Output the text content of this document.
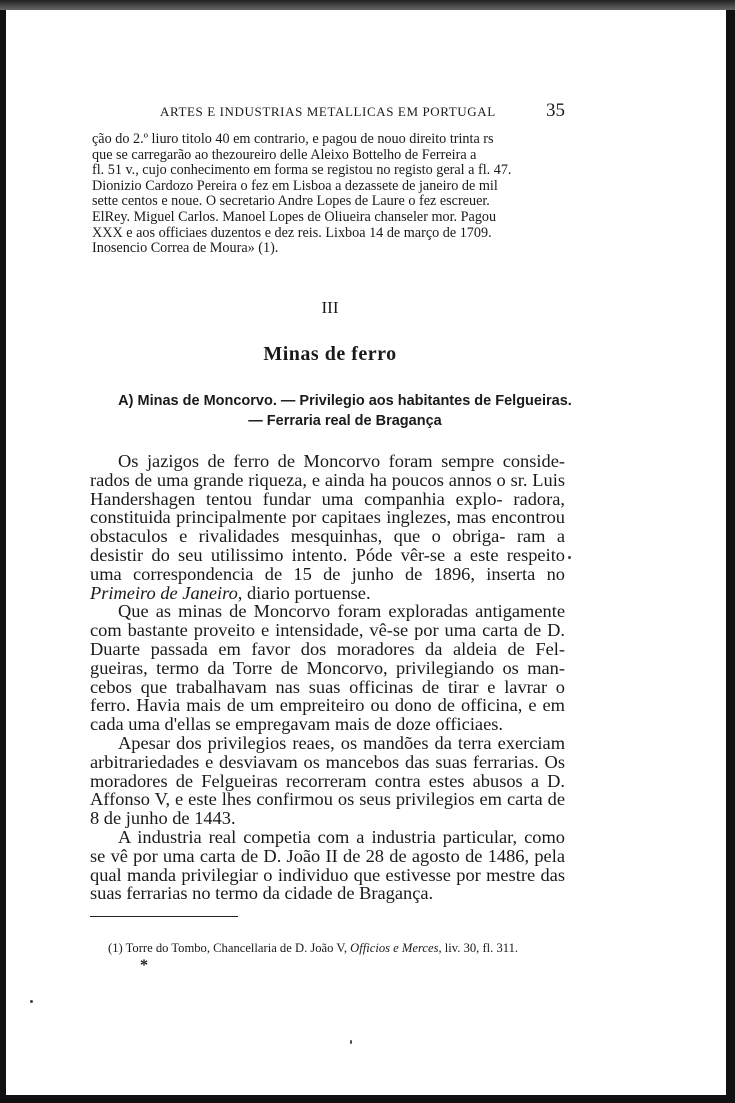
ARTES E INDUSTRIAS METALLICAS EM PORTUGAL	35

ção do 2.º liuro titolo 40 em contrario, e pagou de nouo direito trinta rs

que se carregarão ao thezoureiro delle Aleixo Bottelho de Ferreira a

fl. 51 v., cujo conhecimento em forma se registou no registo geral a fl. 47.

Dionizio Cardozo Pereira o fez em Lisboa a dezassete de janeiro de mil

sette centos e noue. O secretario Andre Lopes de Laure o fez escreuer.

ElRey. Miguel Carlos. Manoel Lopes de Oliueira chanseler mor. Pagou

XXX e aos officiaes duzentos e dez reis. Lixboa 14 de março de 1709.

Inosencio Correa de Moura» (1).

III
Minas de ferro
A) Minas de Moncorvo. — Privilegio aos habitantes de Felgueiras.
— Ferraria real de Bragança

Os jazigos de ferro de Moncorvo foram sempre conside- rados de uma grande riqueza, e ainda ha poucos annos o sr. Luis Handershagen tentou fundar uma companhia explo- radora, constituida principalmente por capitaes inglezes, mas encontrou obstaculos e rivalidades mesquinhas, que o obriga- ram a desistir do seu utilissimo intento. Póde vêr-se a este respeito uma correspondencia de 15 de junho de 1896, inserta no Primeiro de Janeiro, diario portuense.

Que as minas de Moncorvo foram exploradas antigamente com bastante proveito e intensidade, vê-se por uma carta de D. Duarte passada em favor dos moradores da aldeia de Fel- gueiras, termo da Torre de Moncorvo, privilegiando os man- cebos que trabalhavam nas suas officinas de tirar e lavrar o ferro. Havia mais de um empreiteiro ou dono de officina, e em cada uma d'ellas se empregavam mais de doze officiaes.

Apesar dos privilegios reaes, os mandões da terra exerciam arbitrariedades e desviavam os mancebos das suas ferrarias. Os moradores de Felgueiras recorreram contra estes abusos a D. Affonso V, e este lhes confirmou os seus privilegios em carta de 8 de junho de 1443.

A industria real competia com a industria particular, como se vê por uma carta de D. João II de 28 de agosto de 1486, pela qual manda privilegiar o individuo que estivesse por mestre das suas ferrarias no termo da cidade de Bragança.

(1) Torre do Tombo, Chancellaria de D. João V, Officios e Merces, liv. 30, fl. 311.
*
